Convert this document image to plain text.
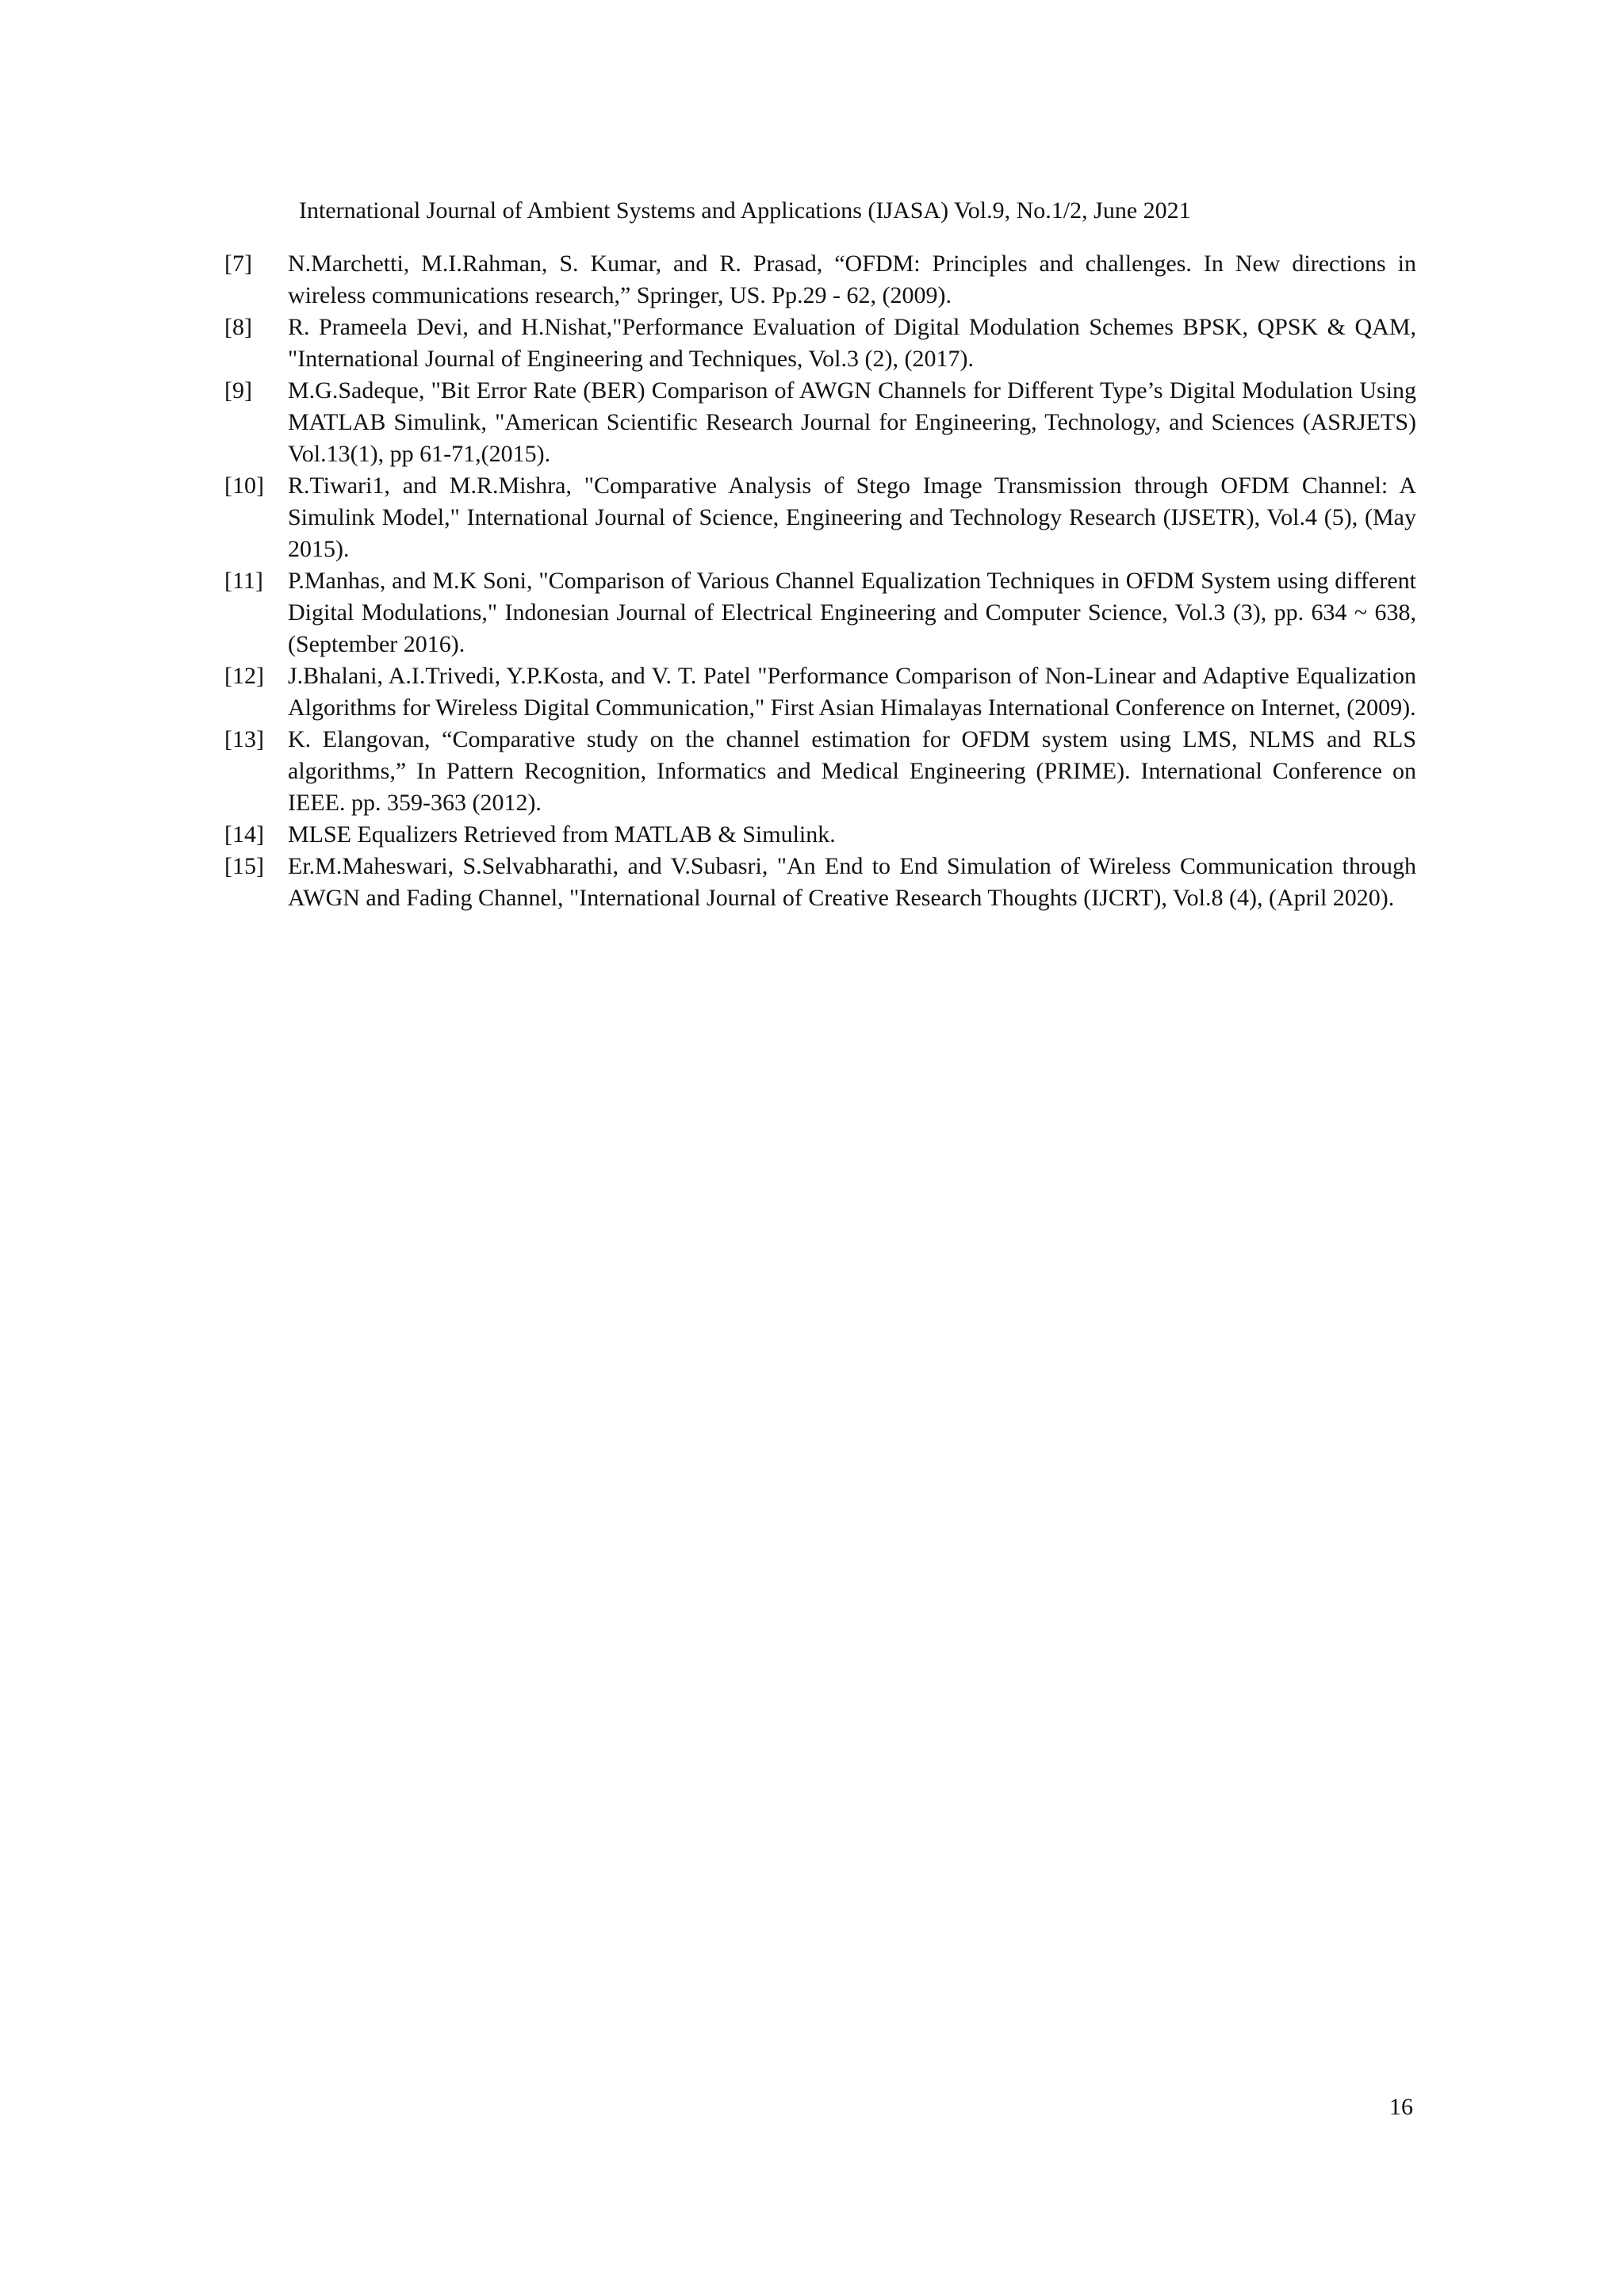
International Journal of Ambient Systems and Applications (IJASA) Vol.9, No.1/2, June 2021
[7]	N.Marchetti, M.I.Rahman, S. Kumar, and R. Prasad, “OFDM: Principles and challenges. In New directions in wireless communications research,” Springer, US. Pp.29 - 62, (2009).
[8]	R. Prameela Devi, and H.Nishat,"Performance Evaluation of Digital Modulation Schemes BPSK, QPSK & QAM, "International Journal of Engineering and Techniques, Vol.3 (2), (2017).
[9]	M.G.Sadeque, "Bit Error Rate (BER) Comparison of AWGN Channels for Different Type’s Digital Modulation Using MATLAB Simulink, "American Scientific Research Journal for Engineering, Technology, and Sciences (ASRJETS) Vol.13(1), pp 61-71,(2015).
[10]	R.Tiwari1, and M.R.Mishra, "Comparative Analysis of Stego Image Transmission through OFDM Channel: A Simulink Model," International Journal of Science, Engineering and Technology Research (IJSETR), Vol.4 (5), (May 2015).
[11]	P.Manhas, and M.K Soni, "Comparison of Various Channel Equalization Techniques in OFDM System using different Digital Modulations," Indonesian Journal of Electrical Engineering and Computer Science, Vol.3 (3), pp. 634 ~ 638, (September 2016).
[12]	J.Bhalani, A.I.Trivedi, Y.P.Kosta, and V. T. Patel "Performance Comparison of Non-Linear and Adaptive Equalization Algorithms for Wireless Digital Communication," First Asian Himalayas International Conference on Internet, (2009).
[13]	K. Elangovan, “Comparative study on the channel estimation for OFDM system using LMS, NLMS and RLS algorithms,” In Pattern Recognition, Informatics and Medical Engineering (PRIME). International Conference on IEEE. pp. 359-363 (2012).
[14]	MLSE Equalizers Retrieved from MATLAB & Simulink.
[15]	Er.M.Maheswari, S.Selvabharathi, and V.Subasri, "An End to End Simulation of Wireless Communication through AWGN and Fading Channel, "International Journal of Creative Research Thoughts (IJCRT), Vol.8 (4), (April 2020).
16
